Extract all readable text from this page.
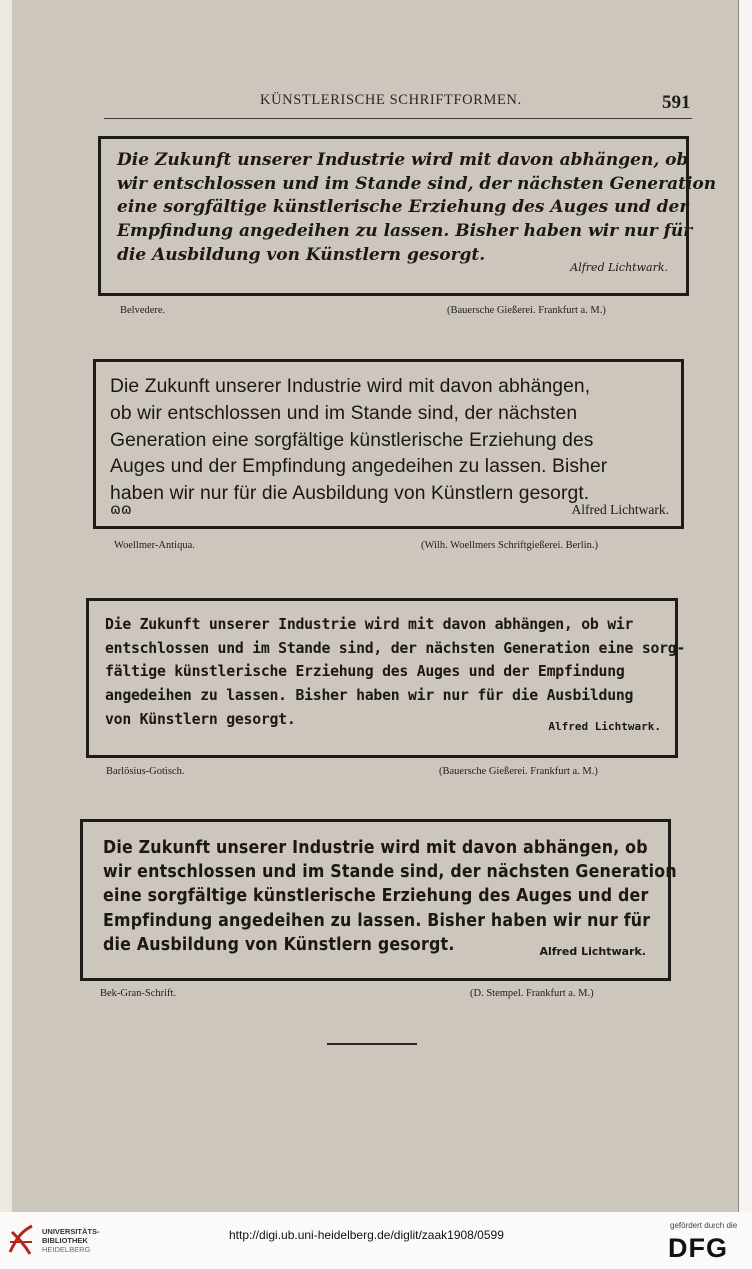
KÜNSTLERISCHE SCHRIFTFORMEN.	591
Die Zukunft unserer Industrie wird mit davon abhängen, ob
wir entschlossen und im Stande sind, der nächsten Generation
eine sorgfältige künstlerische Erziehung des Auges und der
Empfindung angedeihen zu lassen. Bisher haben wir nur für
die Ausbildung von Künstlern gesorgt.
Alfred Lichtwark.
Belvedere.	(Bauersche Gießerei. Frankfurt a. M.)
Die Zukunft unserer Industrie wird mit davon abhängen,
ob wir entschlossen und im Stande sind, der nächsten
Generation eine sorgfältige künstlerische Erziehung des
Auges und der Empfindung angedeihen zu lassen. Bisher
haben wir nur für die Ausbildung von Künstlern gesorgt.
ɷɷ	Alfred Lichtwark.
Woellmer-Antiqua.	(Wilh. Woellmers Schriftgießerei. Berlin.)
Die Zukunft unserer Industrie wird mit davon abhängen, ob wir
entschlossen und im Stande sind, der nächsten Generation eine sorg-
fältige künstlerische Erziehung des Auges und der Empfindung
angedeihen zu lassen. Bisher haben wir nur für die Ausbildung
von Künstlern gesorgt.	Alfred Lichtwark.
Barlösius-Gotisch.	(Bauersche Gießerei. Frankfurt a. M.)
Die Zukunft unserer Industrie wird mit davon abhängen, ob
wir entschlossen und im Stande sind, der nächsten Generation
eine sorgfältige künstlerische Erziehung des Auges und der
Empfindung angedeihen zu lassen. Bisher haben wir nur für
die Ausbildung von Künstlern gesorgt.	Alfred Lichtwark.
Bek-Gran-Schrift.	(D. Stempel. Frankfurt a. M.)
UNIVERSITÄTS-
BIBLIOTHEK
HEIDELBERG
http://digi.ub.uni-heidelberg.de/diglit/zaak1908/0599
gefördert durch die
DFG
